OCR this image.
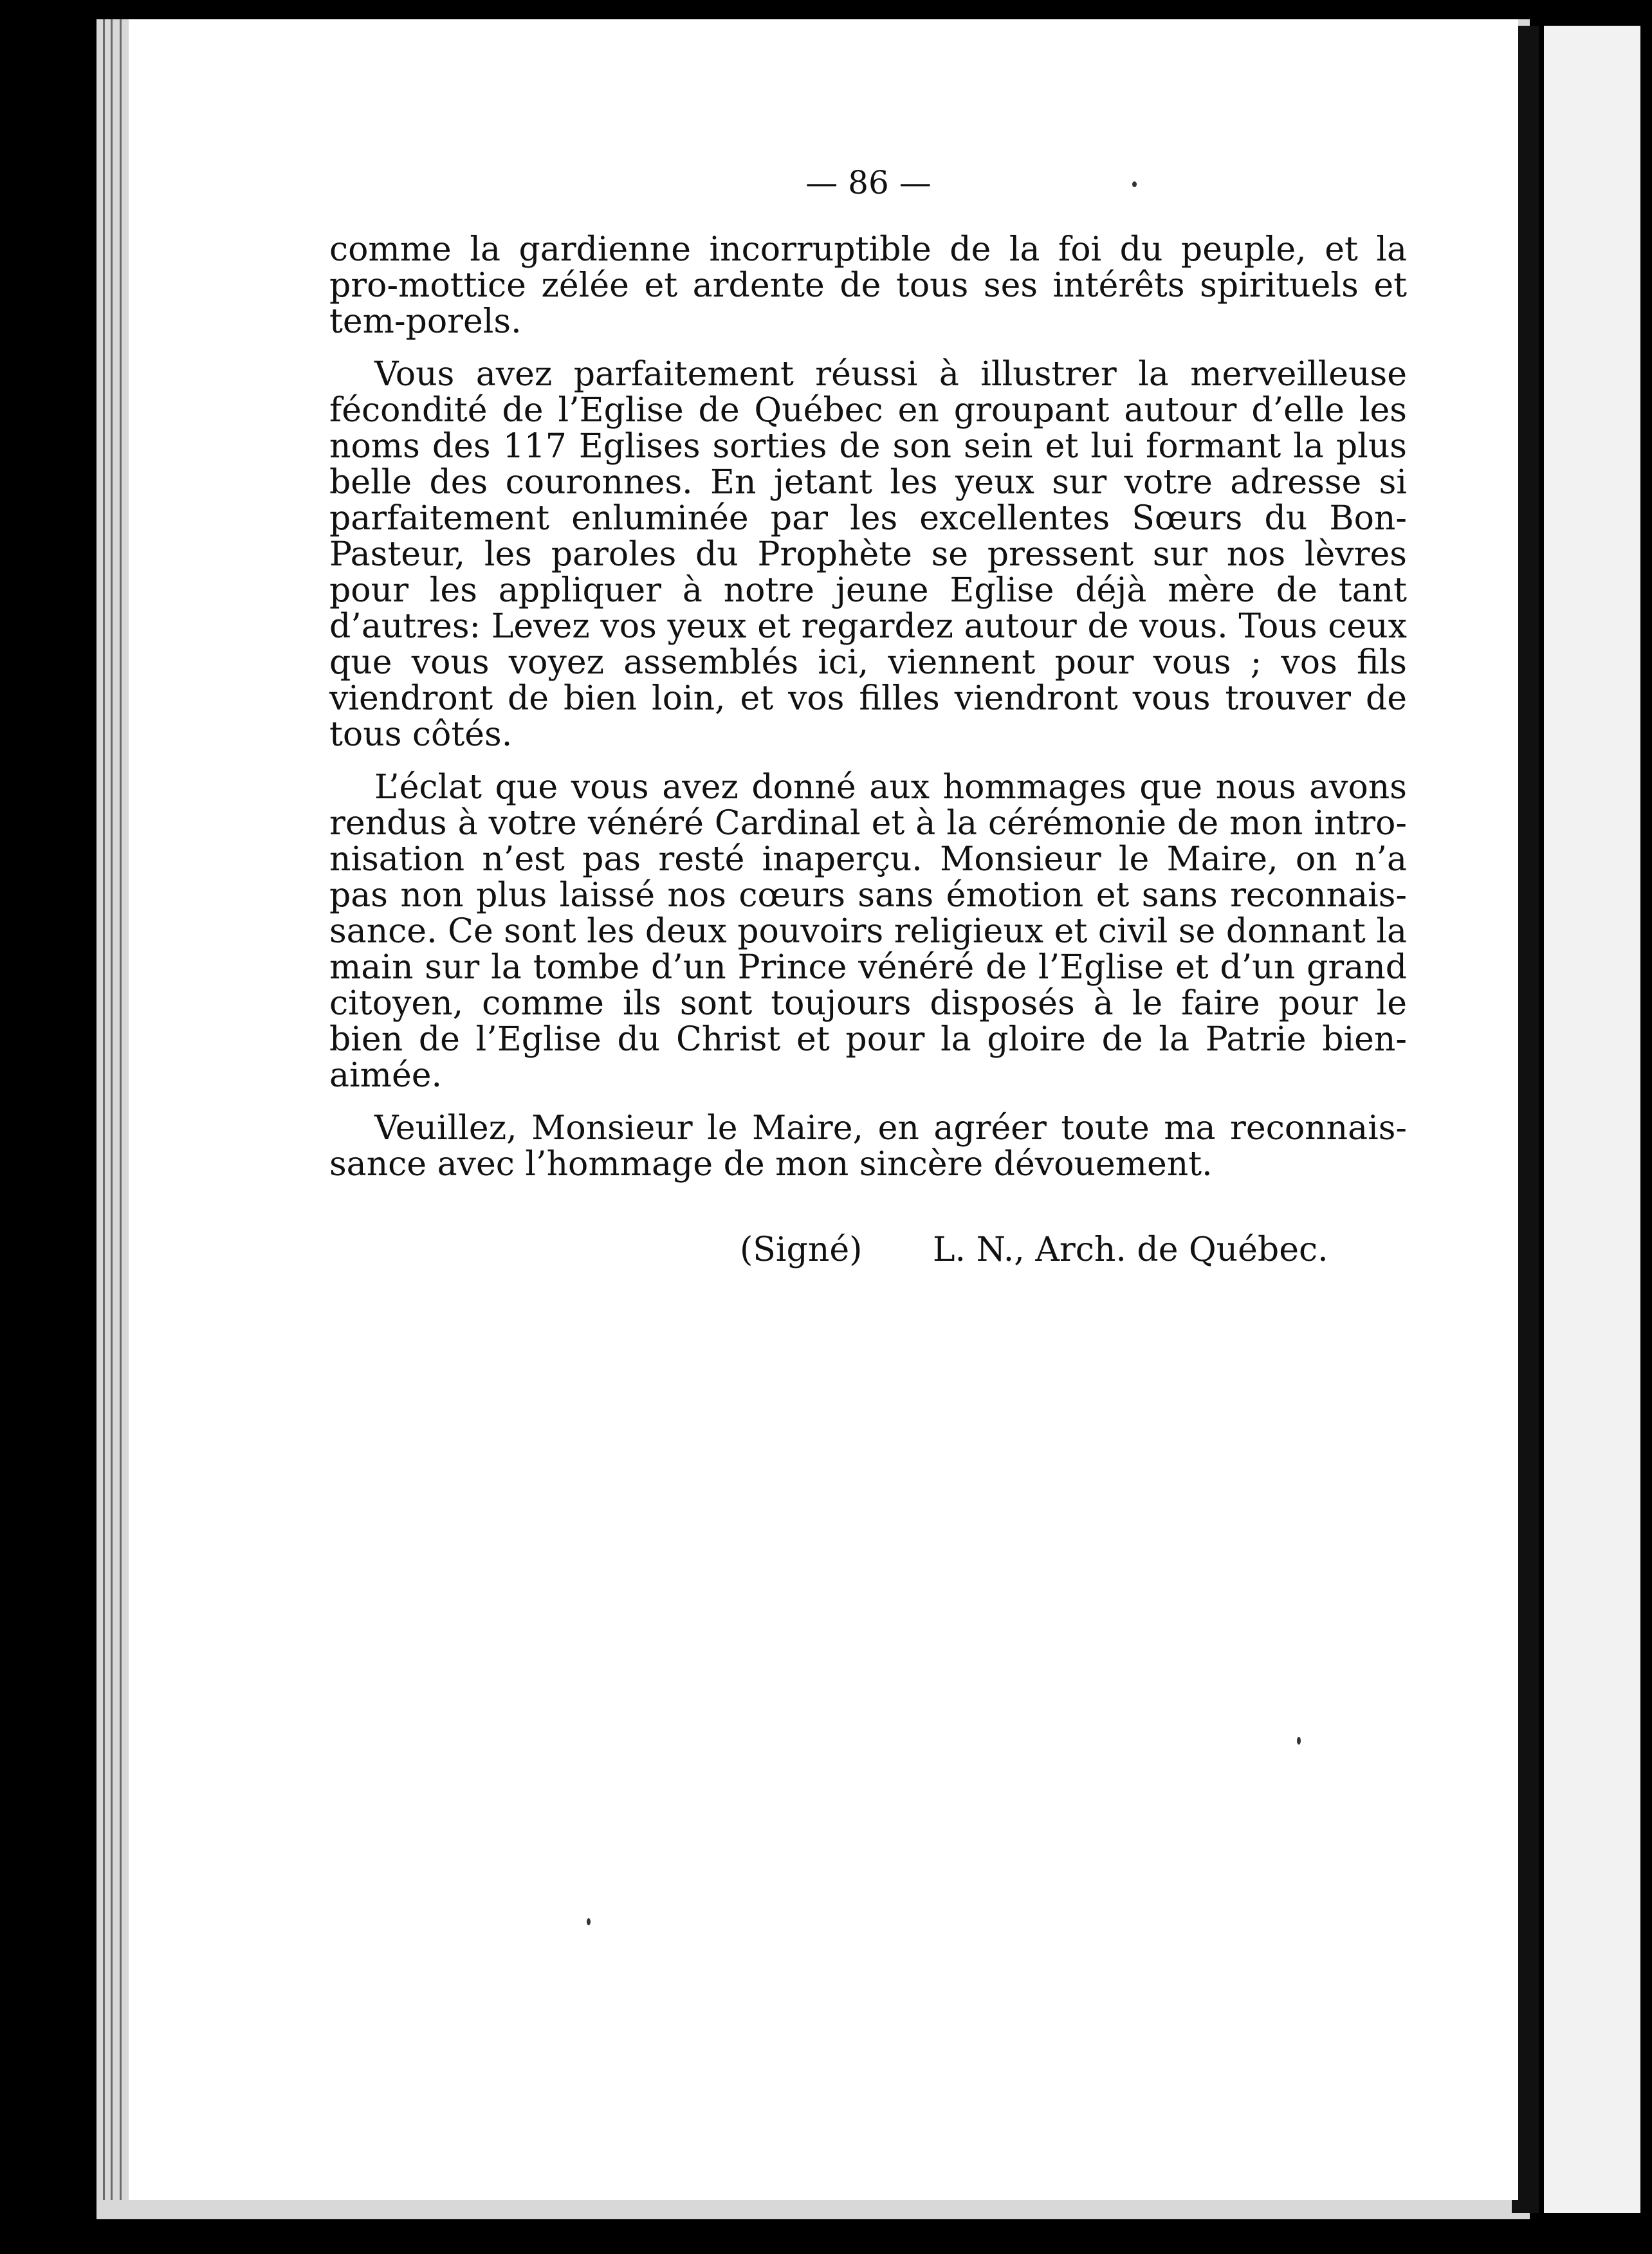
— 86 —

comme la gardienne incorruptible de la foi du peuple, et la pro-mottice zélée et ardente de tous ses intérêts spirituels et tem-porels.

Vous avez parfaitement réussi à illustrer la merveilleuse fécondité de l’Eglise de Québec en groupant autour d’elle les noms des 117 Eglises sorties de son sein et lui formant la plus belle des couronnes. En jetant les yeux sur votre adresse si parfaitement enluminée par les excellentes Sœurs du Bon-Pasteur, les paroles du Prophète se pressent sur nos lèvres pour les appliquer à notre jeune Eglise déjà mère de tant d’autres: Levez vos yeux et regardez autour de vous. Tous ceux que vous voyez assemblés ici, viennent pour vous ; vos fils viendront de bien loin, et vos filles viendront vous trouver de tous côtés.

L’éclat que vous avez donné aux hommages que nous avons rendus à votre vénéré Cardinal et à la cérémonie de mon intro-nisation n’est pas resté inaperçu. Monsieur le Maire, on n’a pas non plus laissé nos cœurs sans émotion et sans reconnais-sance. Ce sont les deux pouvoirs religieux et civil se donnant la main sur la tombe d’un Prince vénéré de l’Eglise et d’un grand citoyen, comme ils sont toujours disposés à le faire pour le bien de l’Eglise du Christ et pour la gloire de la Patrie bien-aimée.

Veuillez, Monsieur le Maire, en agréer toute ma reconnais-sance avec l’hommage de mon sincère dévouement.

(Signé) L. N., Arch. de Québec.
